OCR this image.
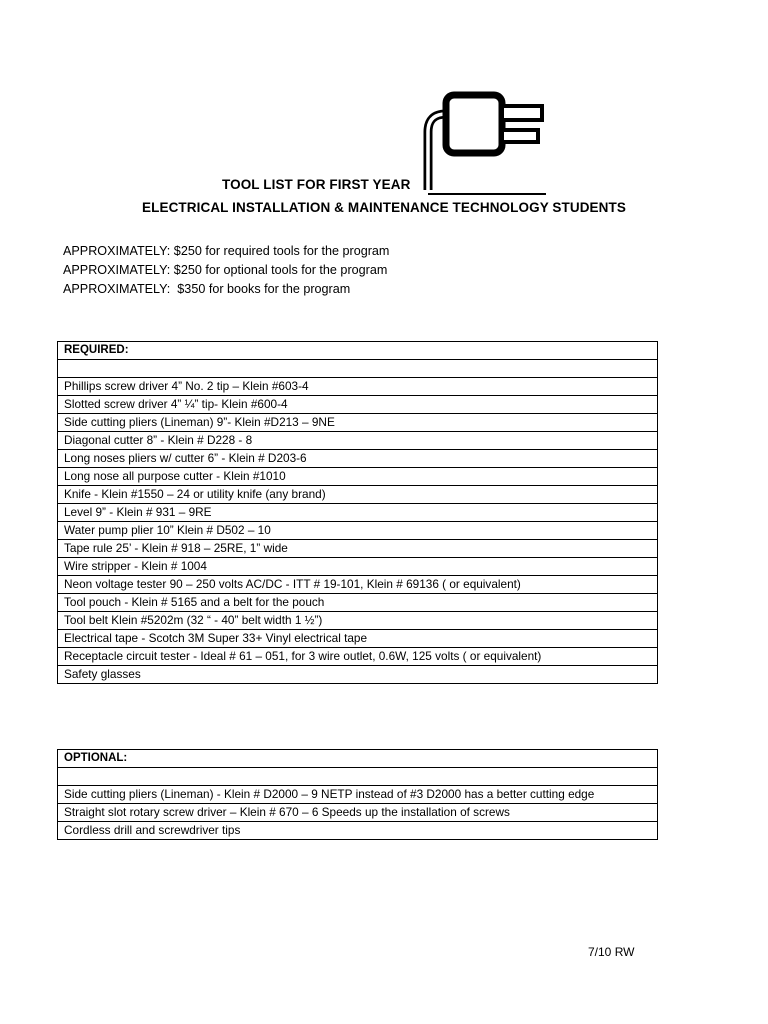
TOOL LIST FOR FIRST YEAR
ELECTRICAL INSTALLATION & MAINTENANCE TECHNOLOGY STUDENTS
APPROXIMATELY: $250 for required tools for the program
APPROXIMATELY: $250 for optional tools for the program
APPROXIMATELY:  $350 for books for the program
REQUIRED:

Phillips screw driver 4” No. 2 tip – Klein #603-4
Slotted screw driver 4” ¼” tip- Klein #600-4
Side cutting pliers (Lineman) 9”- Klein #D213 – 9NE
Diagonal cutter 8” - Klein # D228 - 8
Long noses pliers w/ cutter 6” - Klein # D203-6
Long nose all purpose cutter - Klein #1010
Knife - Klein #1550 – 24 or utility knife (any brand)
Level 9” - Klein # 931 – 9RE
Water pump plier 10” Klein # D502 – 10
Tape rule 25’ - Klein # 918 – 25RE, 1” wide
Wire stripper - Klein # 1004
Neon voltage tester 90 – 250 volts AC/DC - ITT # 19-101, Klein # 69136 ( or equivalent)
Tool pouch - Klein # 5165 and a belt for the pouch
Tool belt Klein #5202m (32 “ - 40” belt width 1 ½”)
Electrical tape - Scotch 3M Super 33+ Vinyl electrical tape
Receptacle circuit tester - Ideal # 61 – 051, for 3 wire outlet, 0.6W, 125 volts ( or equivalent)
Safety glasses
OPTIONAL:

Side cutting pliers (Lineman) - Klein # D2000 – 9 NETP instead of #3 D2000 has a better cutting edge
Straight slot rotary screw driver – Klein # 670 – 6 Speeds up the installation of screws
Cordless drill and screwdriver tips
7/10 RW
